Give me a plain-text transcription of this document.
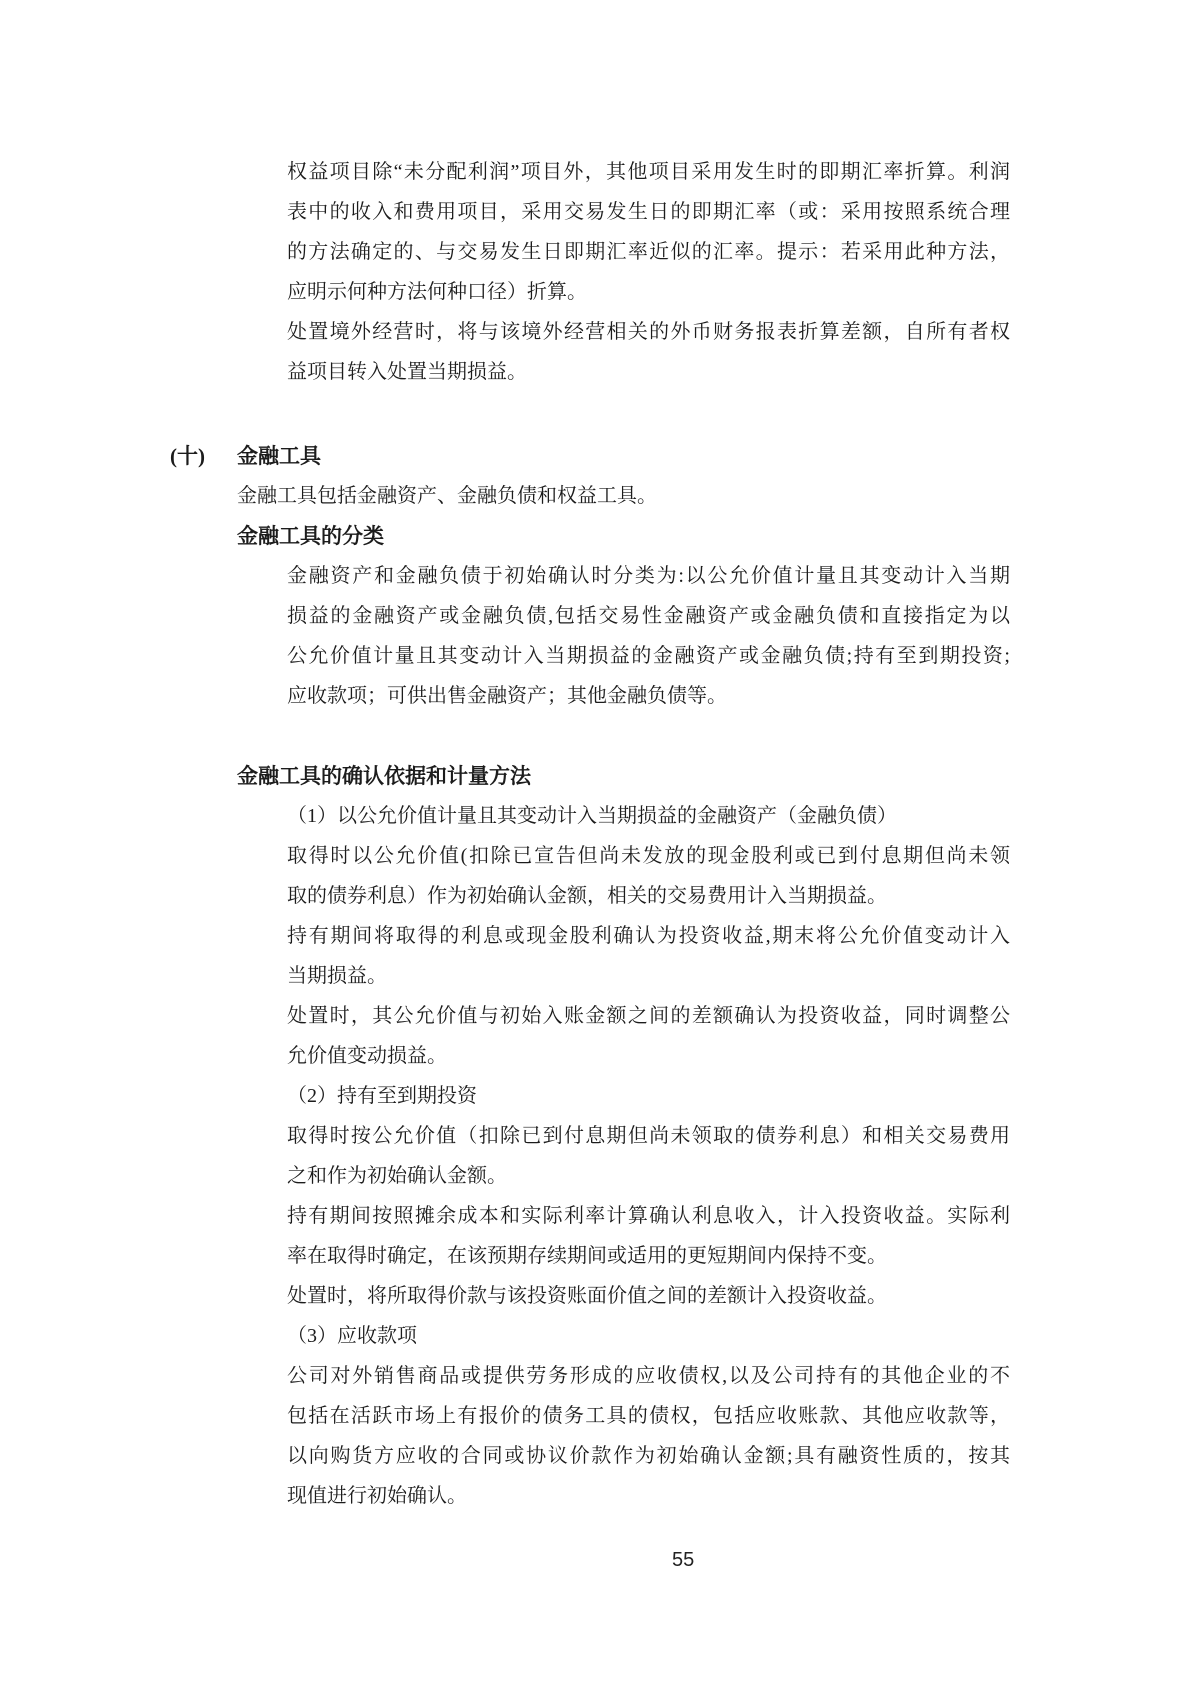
权益项目除“未分配利润”项目外，其他项目采用发生时的即期汇率折算。利润
表中的收入和费用项目，采用交易发生日的即期汇率（或：采用按照系统合理
的方法确定的、与交易发生日即期汇率近似的汇率。提示：若采用此种方法，
应明示何种方法何种口径）折算。
处置境外经营时，将与该境外经营相关的外币财务报表折算差额，自所有者权
益项目转入处置当期损益。
(十) 金融工具
金融工具包括金融资产、金融负债和权益工具。
金融工具的分类
金融资产和金融负债于初始确认时分类为:以公允价值计量且其变动计入当期
损益的金融资产或金融负债,包括交易性金融资产或金融负债和直接指定为以
公允价值计量且其变动计入当期损益的金融资产或金融负债;持有至到期投资;
应收款项；可供出售金融资产；其他金融负债等。
金融工具的确认依据和计量方法
（1）以公允价值计量且其变动计入当期损益的金融资产（金融负债）
取得时以公允价值(扣除已宣告但尚未发放的现金股利或已到付息期但尚未领
取的债券利息）作为初始确认金额，相关的交易费用计入当期损益。
持有期间将取得的利息或现金股利确认为投资收益,期末将公允价值变动计入
当期损益。
处置时，其公允价值与初始入账金额之间的差额确认为投资收益，同时调整公
允价值变动损益。
（2）持有至到期投资
取得时按公允价值（扣除已到付息期但尚未领取的债券利息）和相关交易费用
之和作为初始确认金额。
持有期间按照摊余成本和实际利率计算确认利息收入，计入投资收益。实际利
率在取得时确定，在该预期存续期间或适用的更短期间内保持不变。
处置时，将所取得价款与该投资账面价值之间的差额计入投资收益。
（3）应收款项
公司对外销售商品或提供劳务形成的应收债权,以及公司持有的其他企业的不
包括在活跃市场上有报价的债务工具的债权，包括应收账款、其他应收款等，
以向购货方应收的合同或协议价款作为初始确认金额;具有融资性质的，按其
现值进行初始确认。
55
